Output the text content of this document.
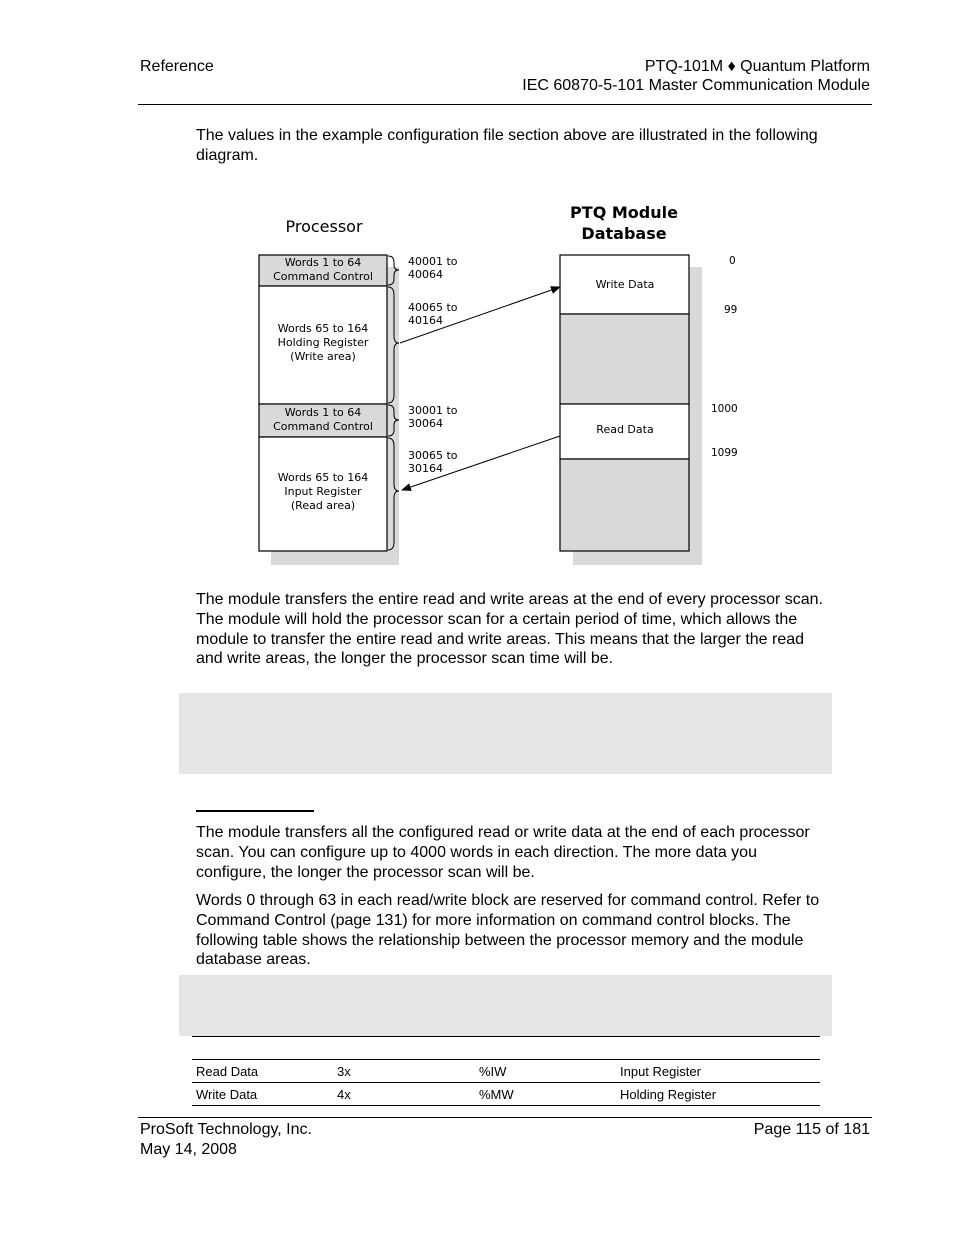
Reference	PTQ-101M ♦ Quantum Platform
IEC 60870-5-101 Master Communication Module
The values in the example configuration file section above are illustrated in the following diagram.
Processor
PTQ Module
Database
Words 1 to 64
Command Control
Words 65 to 164
Holding Register
(Write area)
Words 1 to 64
Command Control
Words 65 to 164
Input Register
(Read area)
40001 to
40064
40065 to
40164
30001 to
30064
30065 to
30164
Write Data
Read Data
0
99
1000
1099
The module transfers the entire read and write areas at the end of every processor scan. The module will hold the processor scan for a certain period of time, which allows the module to transfer the entire read and write areas. This means that the larger the read and write areas, the longer the processor scan time will be.
The module transfers all the configured read or write data at the end of each processor scan. You can configure up to 4000 words in each direction. The more data you configure, the longer the processor scan will be.
Words 0 through 63 in each read/write block are reserved for command control. Refer to Command Control (page 131) for more information on command control blocks. The following table shows the relationship between the processor memory and the module database areas.

Read Data	3x	%IW	Input Register
Write Data	4x	%MW	Holding Register
ProSoft Technology, Inc.
May 14, 2008
Page 115 of 181
